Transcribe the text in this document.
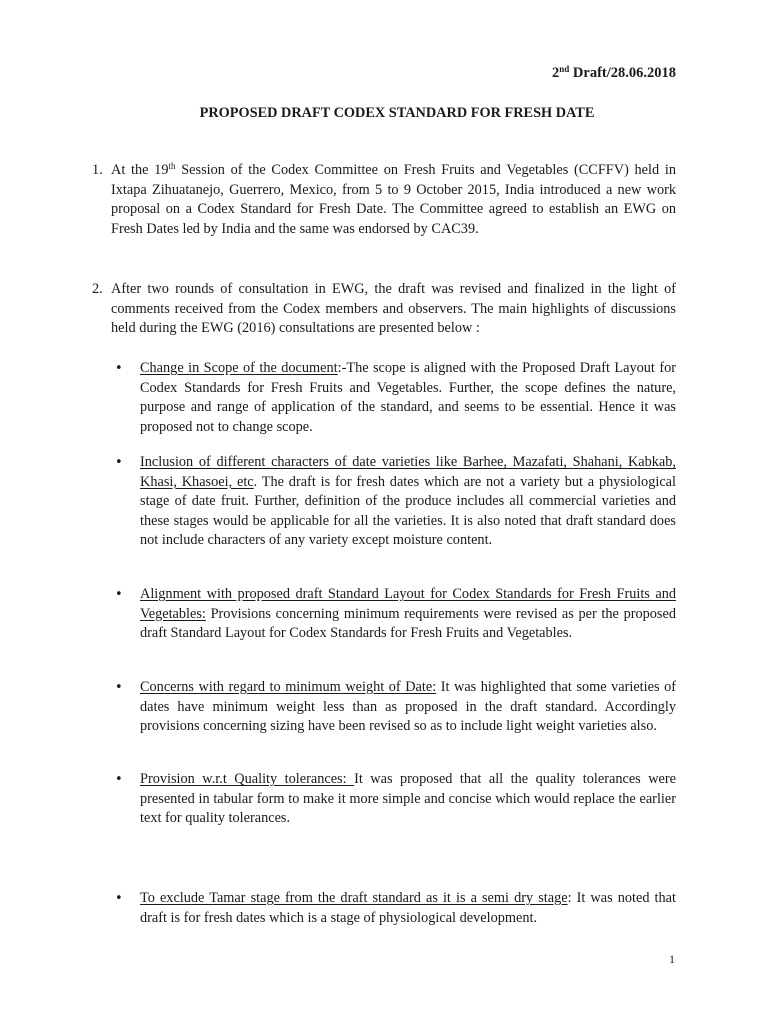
2nd Draft/28.06.2018
PROPOSED DRAFT CODEX STANDARD FOR FRESH DATE
1. At the 19th Session of the Codex Committee on Fresh Fruits and Vegetables (CCFFV) held in Ixtapa Zihuatanejo, Guerrero, Mexico, from 5 to 9 October 2015, India introduced a new work proposal on a Codex Standard for Fresh Date. The Committee agreed to establish an EWG on Fresh Dates led by India and the same was endorsed by CAC39.

2. After two rounds of consultation in EWG, the draft was revised and finalized in the light of comments received from the Codex members and observers. The main highlights of discussions held during the EWG (2016) consultations are presented below :

• Change in Scope of the document:-The scope is aligned with the Proposed Draft Layout for Codex Standards for Fresh Fruits and Vegetables. Further, the scope defines the nature, purpose and range of application of the standard, and seems to be essential. Hence it was proposed not to change scope.

• Inclusion of different characters of date varieties like Barhee, Mazafati, Shahani, Kabkab, Khasi, Khasoei, etc. The draft is for fresh dates which are not a variety but a physiological stage of date fruit. Further, definition of the produce includes all commercial varieties and these stages would be applicable for all the varieties. It is also noted that draft standard does not include characters of any variety except moisture content.

• Alignment with proposed draft Standard Layout for Codex Standards for Fresh Fruits and Vegetables: Provisions concerning minimum requirements were revised as per the proposed draft Standard Layout for Codex Standards for Fresh Fruits and Vegetables.

• Concerns with regard to minimum weight of Date: It was highlighted that some varieties of dates have minimum weight less than as proposed in the draft standard. Accordingly provisions concerning sizing have been revised so as to include light weight varieties also.

• Provision w.r.t Quality tolerances: It was proposed that all the quality tolerances were presented in tabular form to make it more simple and concise which would replace the earlier text for quality tolerances.

• To exclude Tamar stage from the draft standard as it is a semi dry stage: It was noted that draft is for fresh dates which is a stage of physiological development.

1
